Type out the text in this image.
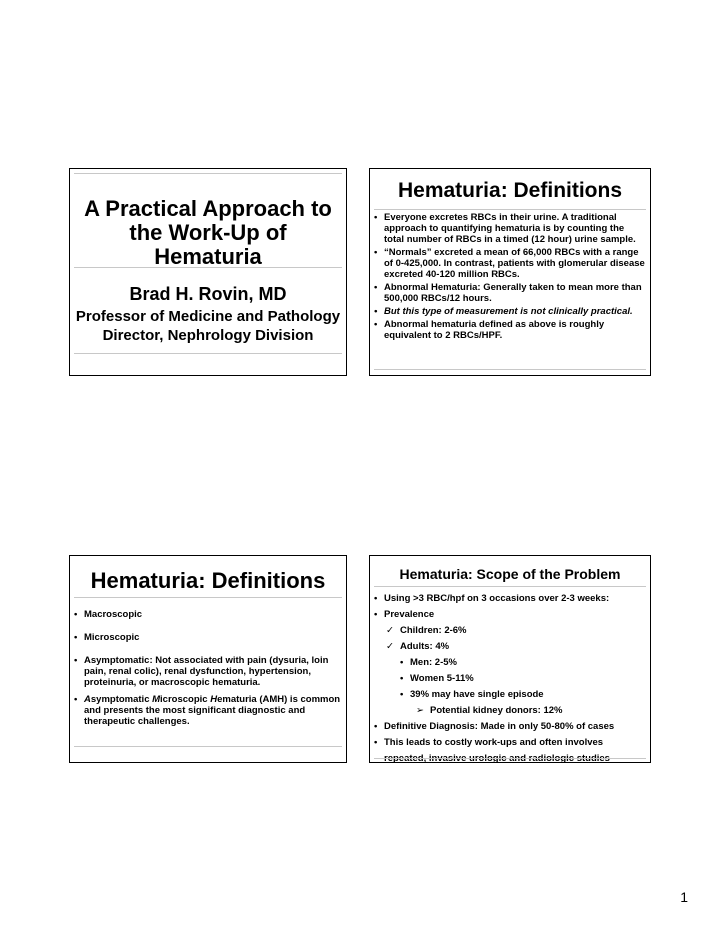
A Practical Approach to
the Work-Up of
Hematuria
Brad H. Rovin, MD
Professor of Medicine and Pathology
Director, Nephrology Division
Hematuria: Definitions
• Everyone excretes RBCs in their urine. A traditional approach to quantifying hematuria is by counting the total number of RBCs in a timed (12 hour) urine sample.
• “Normals” excreted a mean of 66,000 RBCs with a range of 0-425,000. In contrast, patients with glomerular disease excreted 40-120 million RBCs.
• Abnormal Hematuria: Generally taken to mean more than 500,000 RBCs/12 hours.
• But this type of measurement is not clinically practical.
• Abnormal hematuria defined as above is roughly equivalent to 2 RBCs/HPF.
Hematuria: Definitions
• Macroscopic
• Microscopic
• Asymptomatic: Not associated with pain (dysuria, loin pain, renal colic), renal dysfunction, hypertension, proteinuria, or macroscopic hematuria.
• Asymptomatic Microscopic Hematuria (AMH) is common and presents the most significant diagnostic and therapeutic challenges.
Hematuria: Scope of the Problem
• Using >3 RBC/hpf on 3 occasions over 2-3 weeks:
• Prevalence
✓ Children: 2-6%
✓ Adults: 4%
• Men: 2-5%
• Women 5-11%
• 39% may have single episode
➢ Potential kidney donors: 12%
• Definitive Diagnosis: Made in only 50-80% of cases
• This leads to costly work-ups and often involves repeated, invasive urologic and radiologic studies
1
